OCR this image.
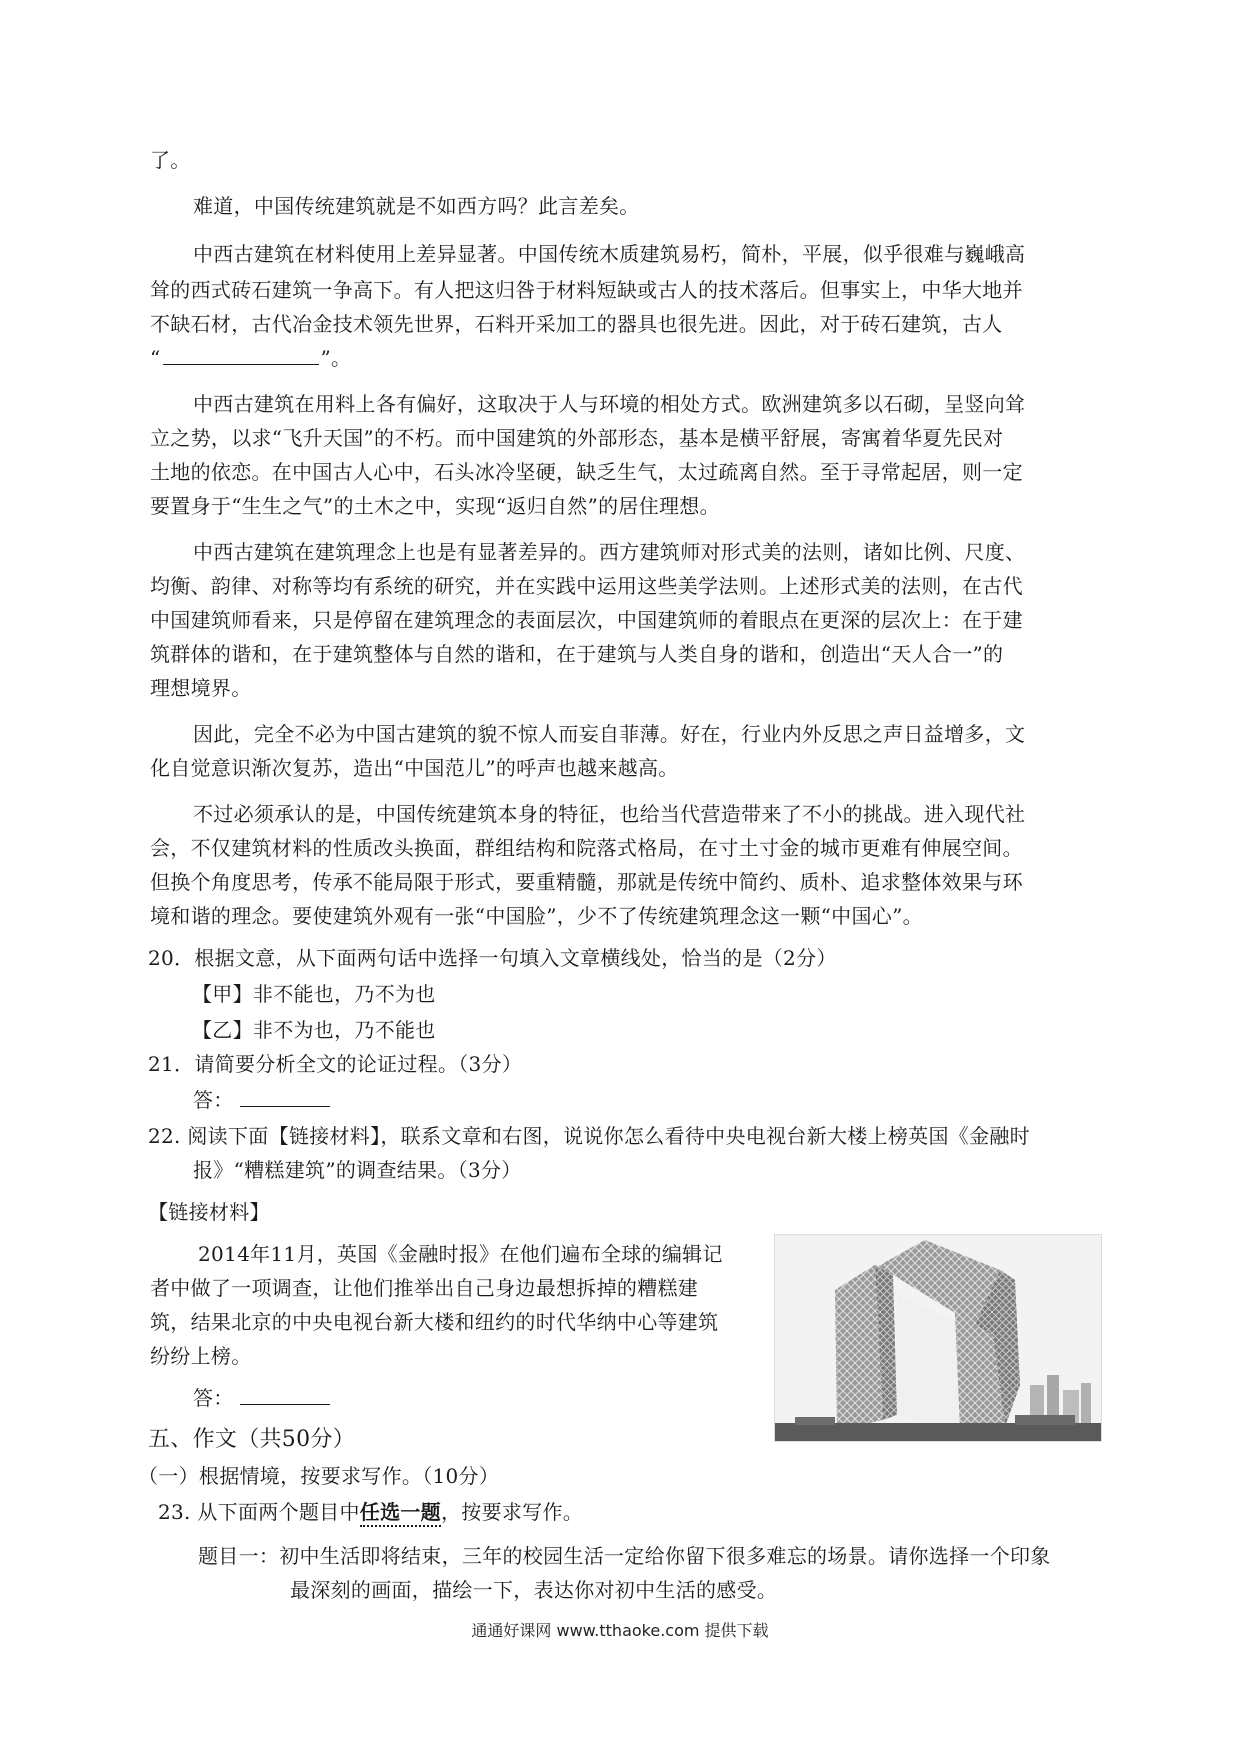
了。
难道，中国传统建筑就是不如西方吗？此言差矣。
中西古建筑在材料使用上差异显著。中国传统木质建筑易朽，简朴，平展，似乎很难与巍峨高
耸的西式砖石建筑一争高下。有人把这归咎于材料短缺或古人的技术落后。但事实上，中华大地并
不缺石材，古代冶金技术领先世界，石料开采加工的器具也很先进。因此，对于砖石建筑，古人
“	”。
中西古建筑在用料上各有偏好，这取决于人与环境的相处方式。欧洲建筑多以石砌，呈竖向耸
立之势，以求“飞升天国”的不朽。而中国建筑的外部形态，基本是横平舒展，寄寓着华夏先民对
土地的依恋。在中国古人心中，石头冰冷坚硬，缺乏生气，太过疏离自然。至于寻常起居，则一定
要置身于“生生之气”的土木之中，实现“返归自然”的居住理想。
中西古建筑在建筑理念上也是有显著差异的。西方建筑师对形式美的法则，诸如比例、尺度、
均衡、韵律、对称等均有系统的研究，并在实践中运用这些美学法则。上述形式美的法则，在古代
中国建筑师看来，只是停留在建筑理念的表面层次，中国建筑师的着眼点在更深的层次上：在于建
筑群体的谐和，在于建筑整体与自然的谐和，在于建筑与人类自身的谐和，创造出“天人合一”的
理想境界。
因此，完全不必为中国古建筑的貌不惊人而妄自菲薄。好在，行业内外反思之声日益增多，文
化自觉意识渐次复苏，造出“中国范儿”的呼声也越来越高。
不过必须承认的是，中国传统建筑本身的特征，也给当代营造带来了不小的挑战。进入现代社
会，不仅建筑材料的性质改头换面，群组结构和院落式格局，在寸土寸金的城市更难有伸展空间。
但换个角度思考，传承不能局限于形式，要重精髓，那就是传统中简约、质朴、追求整体效果与环
境和谐的理念。要使建筑外观有一张“中国脸”，少不了传统建筑理念这一颗“中国心”。
20．根据文意，从下面两句话中选择一句填入文章横线处，恰当的是（2分）
【甲】非不能也，乃不为也
【乙】非不为也，乃不能也
21．请简要分析全文的论证过程。（3分）
答：
22. 阅读下面【链接材料】，联系文章和右图，说说你怎么看待中央电视台新大楼上榜英国《金融时
报》“糟糕建筑”的调查结果。（3分）
【链接材料】
2014年11月，英国《金融时报》在他们遍布全球的编辑记
者中做了一项调查，让他们推举出自己身边最想拆掉的糟糕建
筑，结果北京的中央电视台新大楼和纽约的时代华纳中心等建筑
纷纷上榜。
答：
五、作文（共50分）
（一）根据情境，按要求写作。（10分）
23. 从下面两个题目中任选一题，按要求写作。
题目一：初中生活即将结束，三年的校园生活一定给你留下很多难忘的场景。请你选择一个印象
最深刻的画面，描绘一下，表达你对初中生活的感受。
通通好课网 www.tthaoke.com 提供下载
